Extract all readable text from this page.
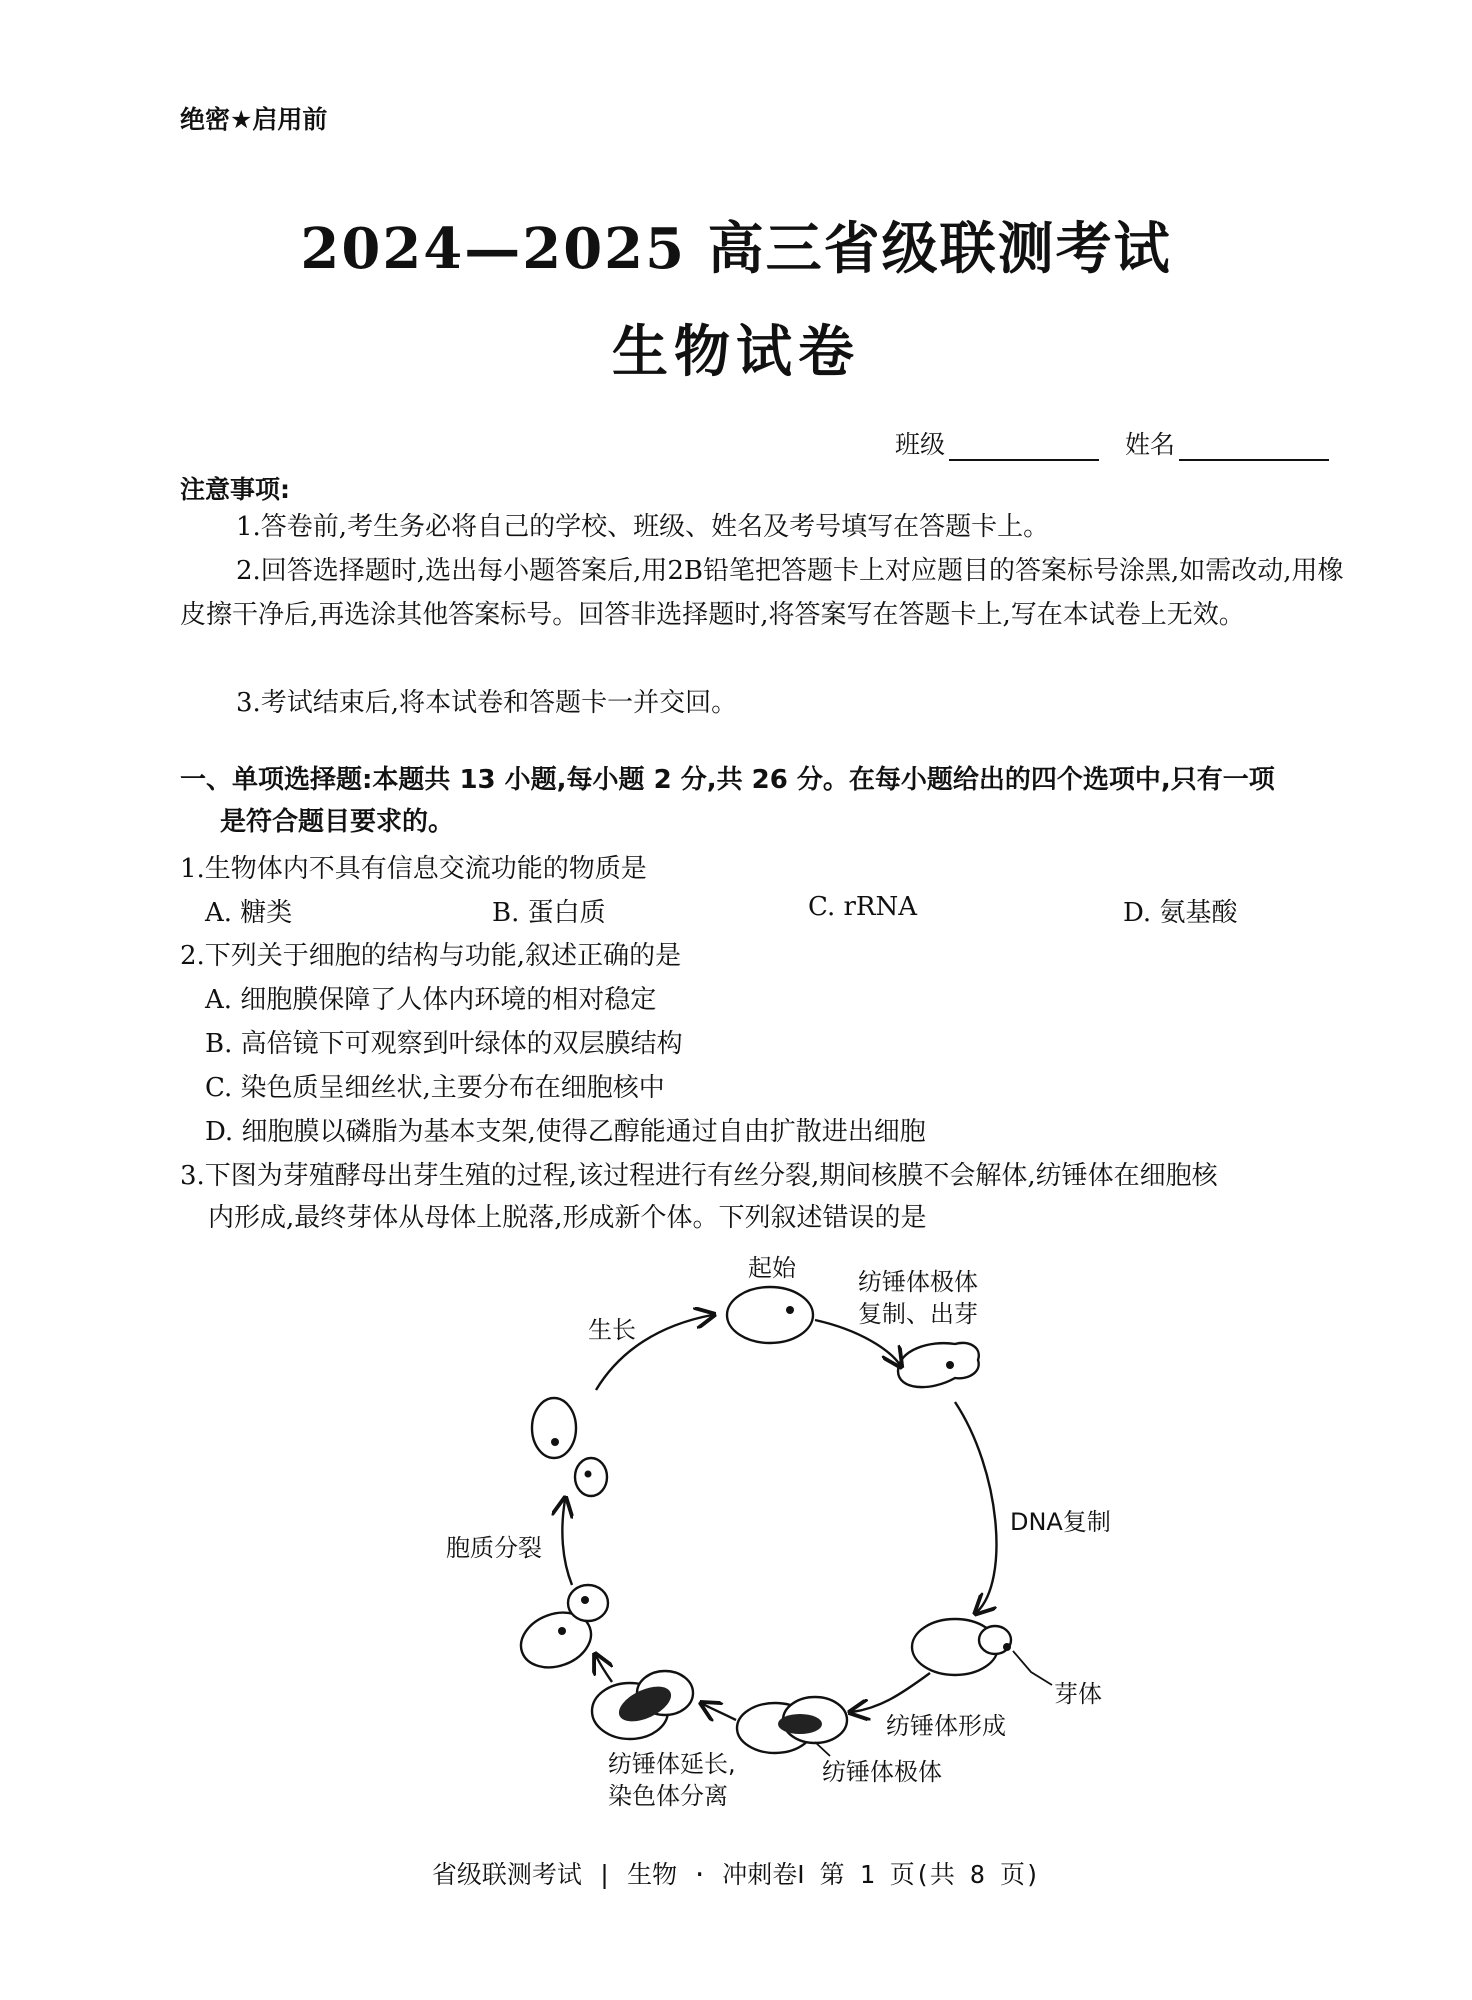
绝密★启用前
2024—2025 高三省级联测考试
生物试卷
班级	姓名
注意事项:
1.答卷前,考生务必将自己的学校、班级、姓名及考号填写在答题卡上。
2.回答选择题时,选出每小题答案后,用2B铅笔把答题卡上对应题目的答案标号涂黑,如需改动,用橡皮擦干净后,再选涂其他答案标号。回答非选择题时,将答案写在答题卡上,写在本试卷上无效。
3.考试结束后,将本试卷和答题卡一并交回。
一、单项选择题:本题共 13 小题,每小题 2 分,共 26 分。在每小题给出的四个选项中,只有一项
是符合题目要求的。
1.生物体内不具有信息交流功能的物质是
A. 糖类	B. 蛋白质	C. rRNA	D. 氨基酸
2.下列关于细胞的结构与功能,叙述正确的是
A. 细胞膜保障了人体内环境的相对稳定
B. 高倍镜下可观察到叶绿体的双层膜结构
C. 染色质呈细丝状,主要分布在细胞核中
D. 细胞膜以磷脂为基本支架,使得乙醇能通过自由扩散进出细胞
3.下图为芽殖酵母出芽生殖的过程,该过程进行有丝分裂,期间核膜不会解体,纺锤体在细胞核
内形成,最终芽体从母体上脱落,形成新个体。下列叙述错误的是
起始	纺锤体极体
复制、出芽
生长
DNA复制
胞质分裂
芽体
纺锤体形成
纺锤体极体
纺锤体延长,
染色体分离
省级联测考试 | 生物 · 冲刺卷Ⅰ 第 1 页(共 8 页)
